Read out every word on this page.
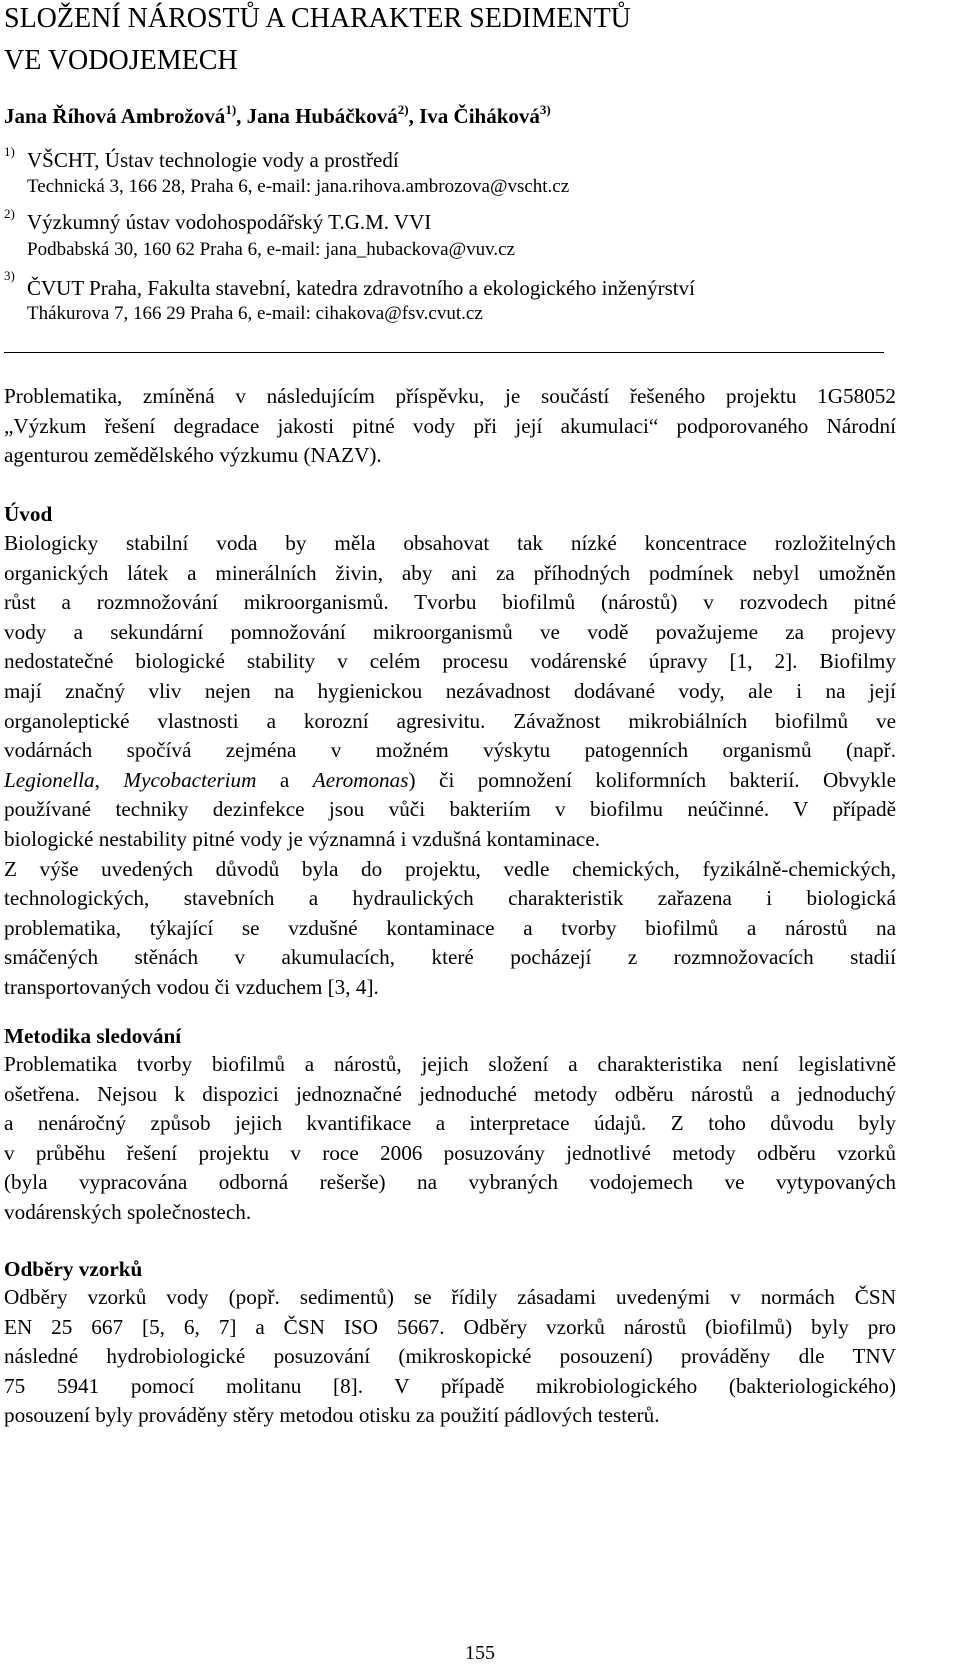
SLOŽENÍ NÁROSTŮ A CHARAKTER SEDIMENTŮ
VE VODOJEMECH
Jana Říhová Ambrožová$^{1)}$, Jana Hubáčková$^{2)}$, Iva Čiháková$^{3)}$
1) VŠCHT, Ústav technologie vody a prostředí
Technická 3, 166 28, Praha 6, e-mail: jana.rihova.ambrozova@vscht.cz
2) Výzkumný ústav vodohospodářský T.G.M. VVI
Podbabská 30, 160 62 Praha 6, e-mail: jana_hubackova@vuv.cz
3)
ČVUT Praha, Fakulta stavební, katedra zdravotního a ekologického inženýrství
Thákurova 7, 166 29 Praha 6, e-mail: cihakova@fsv.cvut.cz
Problematika, zmíněná v následujícím příspěvku, je součástí řešeného projektu 1G58052
„Výzkum řešení degradace jakosti pitné vody při její akumulaci“ podporovaného Národní
agenturou zemědělského výzkumu (NAZV).
Úvod
Biologicky stabilní voda by měla obsahovat tak nízké koncentrace rozložitelných
organických látek a minerálních živin, aby ani za příhodných podmínek nebyl umožněn
růst a rozmnožování mikroorganismů. Tvorbu biofilmů (nárostů) v rozvodech pitné
vody a sekundární pomnožování mikroorganismů ve vodě považujeme za projevy
nedostatečné biologické stability v celém procesu vodárenské úpravy [1, 2]. Biofilmy
mají značný vliv nejen na hygienickou nezávadnost dodávané vody, ale i na její
organoleptické vlastnosti a korozní agresivitu. Závažnost mikrobiálních biofilmů ve
vodárnách spočívá zejména v možném výskytu patogenních organismů (např.
Legionella, Mycobacterium a Aeromonas) či pomnožení koliformních bakterií. Obvykle
používané techniky dezinfekce jsou vůči bakteriím v biofilmu neúčinné. V případě
biologické nestability pitné vody je významná i vzdušná kontaminace.
Z výše uvedených důvodů byla do projektu, vedle chemických, fyzikálně-chemických,
technologických, stavebních a hydraulických charakteristik zařazena i biologická
problematika, týkající se vzdušné kontaminace a tvorby biofilmů a nárostů na
smáčených stěnách v akumulacích, které pocházejí z rozmnožovacích stadií
transportovaných vodou či vzduchem [3, 4].
Metodika sledování
Problematika tvorby biofilmů a nárostů, jejich složení a charakteristika není legislativně
ošetřena. Nejsou k dispozici jednoznačné jednoduché metody odběru nárostů a jednoduchý
a nenáročný způsob jejich kvantifikace a interpretace údajů. Z toho důvodu byly
v průběhu řešení projektu v roce 2006 posuzovány jednotlivé metody odběru vzorků
(byla vypracována odborná rešerše) na vybraných vodojemech ve vytypovaných
vodárenských společnostech.
Odběry vzorků
Odběry vzorků vody (popř. sedimentů) se řídily zásadami uvedenými v normách ČSN
EN 25 667 [5, 6, 7] a ČSN ISO 5667. Odběry vzorků nárostů (biofilmů) byly pro
následné hydrobiologické posuzování (mikroskopické posouzení) prováděny dle TNV
75 5941 pomocí molitanu [8]. V případě mikrobiologického (bakteriologického)
posouzení byly prováděny stěry metodou otisku za použití pádlových testerů.
155
